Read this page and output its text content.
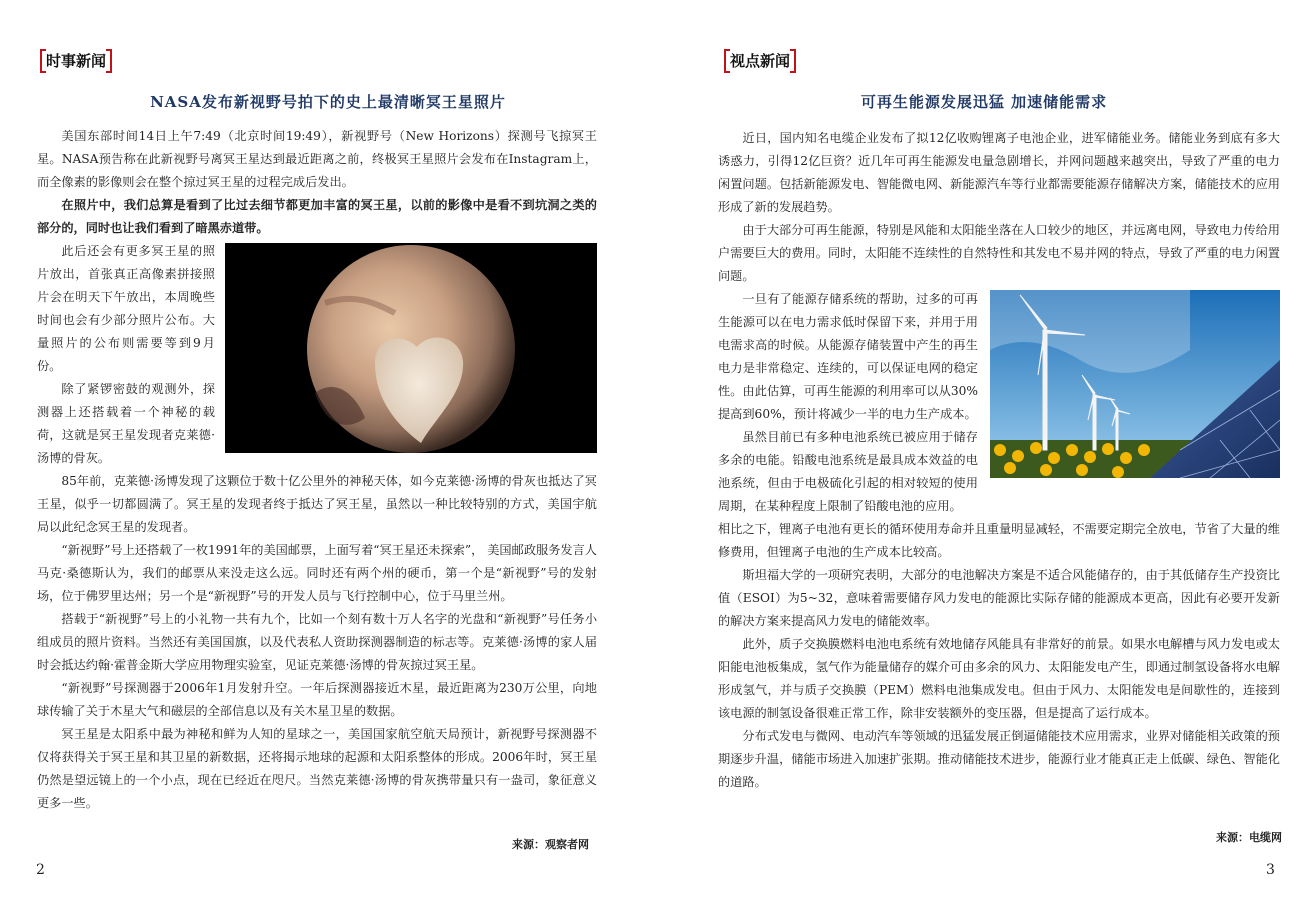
时事新闻
NASA发布新视野号拍下的史上最清晰冥王星照片

美国东部时间14日上午7:49（北京时间19:49），新视野号（New Horizons）探测号飞掠冥王星。NASA预告称在此新视野号离冥王星达到最近距离之前，终极冥王星照片会发布在Instagram上，而全像素的影像则会在整个掠过冥王星的过程完成后发出。

在照片中，我们总算是看到了比过去细节都更加丰富的冥王星，以前的影像中是看不到坑洞之类的部分的，同时也让我们看到了暗黑赤道带。

此后还会有更多冥王星的照片放出，首张真正高像素拼接照片会在明天下午放出，本周晚些时间也会有少部分照片公布。大量照片的公布则需要等到9月份。

除了紧锣密鼓的观测外，探测器上还搭载着一个神秘的载荷，这就是冥王星发现者克莱德·汤博的骨灰。

85年前，克莱德·汤博发现了这颗位于数十亿公里外的神秘天体，如今克莱德·汤博的骨灰也抵达了冥王星，似乎一切都圆满了。冥王星的发现者终于抵达了冥王星，虽然以一种比较特别的方式，美国宇航局以此纪念冥王星的发现者。

“新视野”号上还搭载了一枚1991年的美国邮票，上面写着“冥王星还未探索”， 美国邮政服务发言人马克·桑德斯认为，我们的邮票从来没走这么远。同时还有两个州的硬币，第一个是“新视野”号的发射场，位于佛罗里达州；另一个是“新视野”号的开发人员与飞行控制中心，位于马里兰州。

搭载于“新视野”号上的小礼物一共有九个，比如一个刻有数十万人名字的光盘和“新视野”号任务小组成员的照片资料。当然还有美国国旗，以及代表私人资助探测器制造的标志等。克莱德·汤博的家人届时会抵达约翰·霍普金斯大学应用物理实验室，见证克莱德·汤博的骨灰掠过冥王星。

“新视野”号探测器于2006年1月发射升空。一年后探测器接近木星，最近距离为230万公里，向地球传输了关于木星大气和磁层的全部信息以及有关木星卫星的数据。

冥王星是太阳系中最为神秘和鲜为人知的星球之一，美国国家航空航天局预计，新视野号探测器不仅将获得关于冥王星和其卫星的新数据，还将揭示地球的起源和太阳系整体的形成。2006年时，冥王星仍然是望远镜上的一个小点，现在已经近在咫尺。当然克莱德·汤博的骨灰携带量只有一盎司，象征意义更多一些。

来源：观察者网
2
视点新闻
可再生能源发展迅猛 加速储能需求

近日，国内知名电缆企业发布了拟12亿收购锂离子电池企业，进军储能业务。储能业务到底有多大诱惑力，引得12亿巨资？近几年可再生能源发电量急剧增长，并网问题越来越突出，导致了严重的电力闲置问题。包括新能源发电、智能微电网、新能源汽车等行业都需要能源存储解决方案，储能技术的应用形成了新的发展趋势。

由于大部分可再生能源，特别是风能和太阳能坐落在人口较少的地区，并远离电网，导致电力传给用户需要巨大的费用。同时，太阳能不连续性的自然特性和其发电不易并网的特点，导致了严重的电力闲置问题。

一旦有了能源存储系统的帮助，过多的可再生能源可以在电力需求低时保留下来，并用于用电需求高的时候。从能源存储装置中产生的再生电力是非常稳定、连续的，可以保证电网的稳定性。由此估算，可再生能源的利用率可以从30%提高到60%，预计将减少一半的电力生产成本。

虽然目前已有多种电池系统已被应用于储存多余的电能。铅酸电池系统是最具成本效益的电池系统，但由于电极硫化引起的相对较短的使用周期，在某种程度上限制了铅酸电池的应用。

相比之下，锂离子电池有更长的循环使用寿命并且重量明显减轻，不需要定期完全放电，节省了大量的维修费用，但锂离子电池的生产成本比较高。

斯坦福大学的一项研究表明，大部分的电池解决方案是不适合风能储存的，由于其低储存生产投资比值（ESOI）为5~32，意味着需要储存风力发电的能源比实际存储的能源成本更高，因此有必要开发新的解决方案来提高风力发电的储能效率。

此外，质子交换膜燃料电池电系统有效地储存风能具有非常好的前景。如果水电解槽与风力发电或太阳能电池板集成，氢气作为能量储存的媒介可由多余的风力、太阳能发电产生，即通过制氢设备将水电解形成氢气，并与质子交换膜（PEM）燃料电池集成发电。但由于风力、太阳能发电是间歇性的，连接到该电源的制氢设备很难正常工作，除非安装额外的变压器，但是提高了运行成本。

分布式发电与微网、电动汽车等领域的迅猛发展正倒逼储能技术应用需求，业界对储能相关政策的预期逐步升温，储能市场进入加速扩张期。推动储能技术进步，能源行业才能真正走上低碳、绿色、智能化的道路。

来源：电缆网
3
